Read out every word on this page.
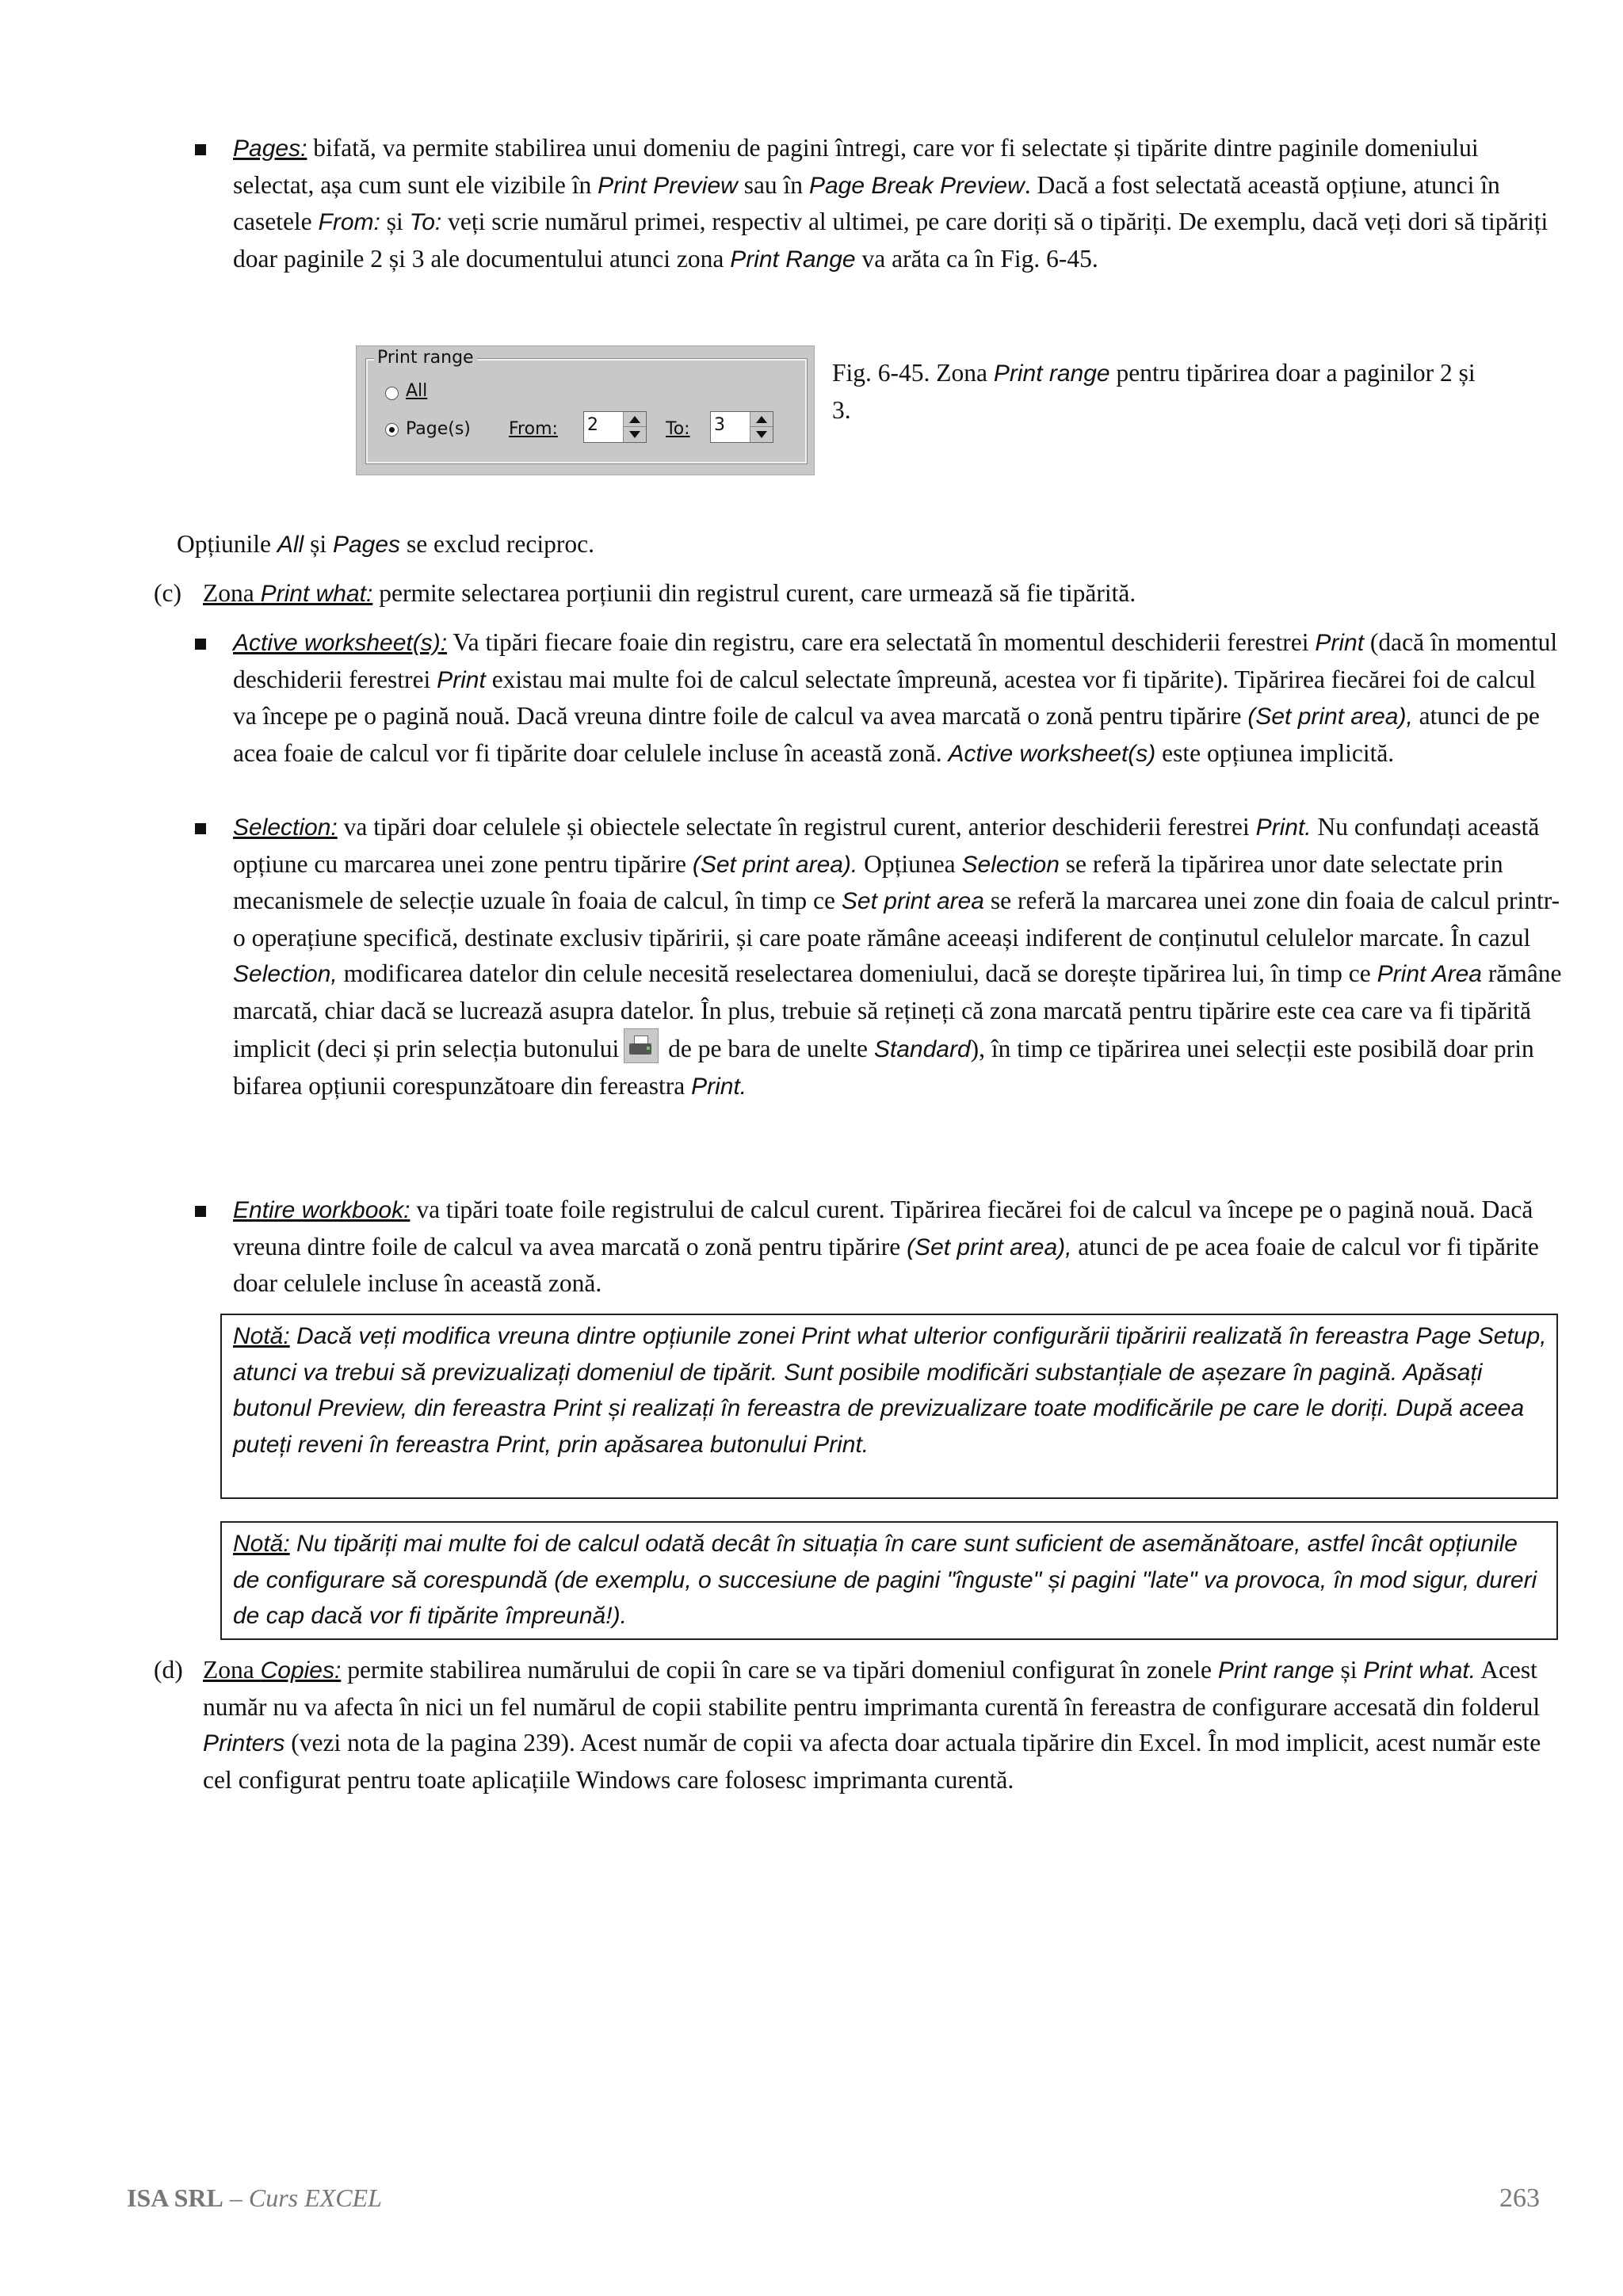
Pages: bifată, va permite stabilirea unui domeniu de pagini întregi, care vor fi selectate și tipărite dintre paginile domeniului selectat, așa cum sunt ele vizibile în Print Preview sau în Page Break Preview. Dacă a fost selectată această opțiune, atunci în casetele From: și To: veți scrie numărul primei, respectiv al ultimei, pe care doriți să o tipăriți. De exemplu, dacă veți dori să tipăriți doar paginile 2 și 3 ale documentului atunci zona Print Range va arăta ca în Fig. 6-45.
Print range
All
Page(s) From: 2	To: 3
Fig. 6-45. Zona Print range pentru tipărirea doar a paginilor 2 și 3.
Opțiunile All și Pages se exclud reciproc.
(c) Zona Print what: permite selectarea porțiunii din registrul curent, care urmează să fie tipărită.
Active worksheet(s): Va tipări fiecare foaie din registru, care era selectată în momentul deschiderii ferestrei Print (dacă în momentul deschiderii ferestrei Print existau mai multe foi de calcul selectate împreună, acestea vor fi tipărite). Tipărirea fiecărei foi de calcul va începe pe o pagină nouă. Dacă vreuna dintre foile de calcul va avea marcată o zonă pentru tipărire (Set print area), atunci de pe acea foaie de calcul vor fi tipărite doar celulele incluse în această zonă. Active worksheet(s) este opțiunea implicită.
Selection: va tipări doar celulele și obiectele selectate în registrul curent, anterior deschiderii ferestrei Print. Nu confundați această opțiune cu marcarea unei zone pentru tipărire (Set print area). Opțiunea Selection se referă la tipărirea unor date selectate prin mecanismele de selecție uzuale în foaia de calcul, în timp ce Set print area se referă la marcarea unei zone din foaia de calcul printr-o operațiune specifică, destinate exclusiv tipăririi, și care poate rămâne aceeași indiferent de conținutul celulelor marcate. În cazul Selection, modificarea datelor din celule necesită reselectarea domeniului, dacă se dorește tipărirea lui, în timp ce Print Area rămâne marcată, chiar dacă se lucrează asupra datelor. În plus, trebuie să rețineți că zona marcată pentru tipărire este cea care va fi tipărită implicit (deci și prin selecția butonului
de pe bara de unelte Standard), în timp ce tipărirea unei selecții este posibilă doar prin bifarea opțiunii corespunzătoare din fereastra Print.
Entire workbook: va tipări toate foile registrului de calcul curent. Tipărirea fiecărei foi de calcul va începe pe o pagină nouă. Dacă vreuna dintre foile de calcul va avea marcată o zonă pentru tipărire (Set print area), atunci de pe acea foaie de calcul vor fi tipărite doar celulele incluse în această zonă.
Notă: Dacă veți modifica vreuna dintre opțiunile zonei Print what ulterior configurării tipăririi realizată în fereastra Page Setup, atunci va trebui să previzualizați domeniul de tipărit. Sunt posibile modificări substanțiale de așezare în pagină. Apăsați butonul Preview, din fereastra Print și realizați în fereastra de previzualizare toate modificările pe care le doriți. După aceea puteți reveni în fereastra Print, prin apăsarea butonului Print.
Notă: Nu tipăriți mai multe foi de calcul odată decât în situația în care sunt suficient de asemănătoare, astfel încât opțiunile de configurare să corespundă (de exemplu, o succesiune de pagini "înguste" și pagini "late" va provoca, în mod sigur, dureri de cap dacă vor fi tipărite împreună!).
(d) Zona Copies: permite stabilirea numărului de copii în care se va tipări domeniul configurat în zonele Print range și Print what. Acest număr nu va afecta în nici un fel numărul de copii stabilite pentru imprimanta curentă în fereastra de configurare accesată din folderul Printers (vezi nota de la pagina 239). Acest număr de copii va afecta doar actuala tipărire din Excel. În mod implicit, acest număr este cel configurat pentru toate aplicațiile Windows care folosesc imprimanta curentă.
ISA SRL – Curs EXCEL	263
